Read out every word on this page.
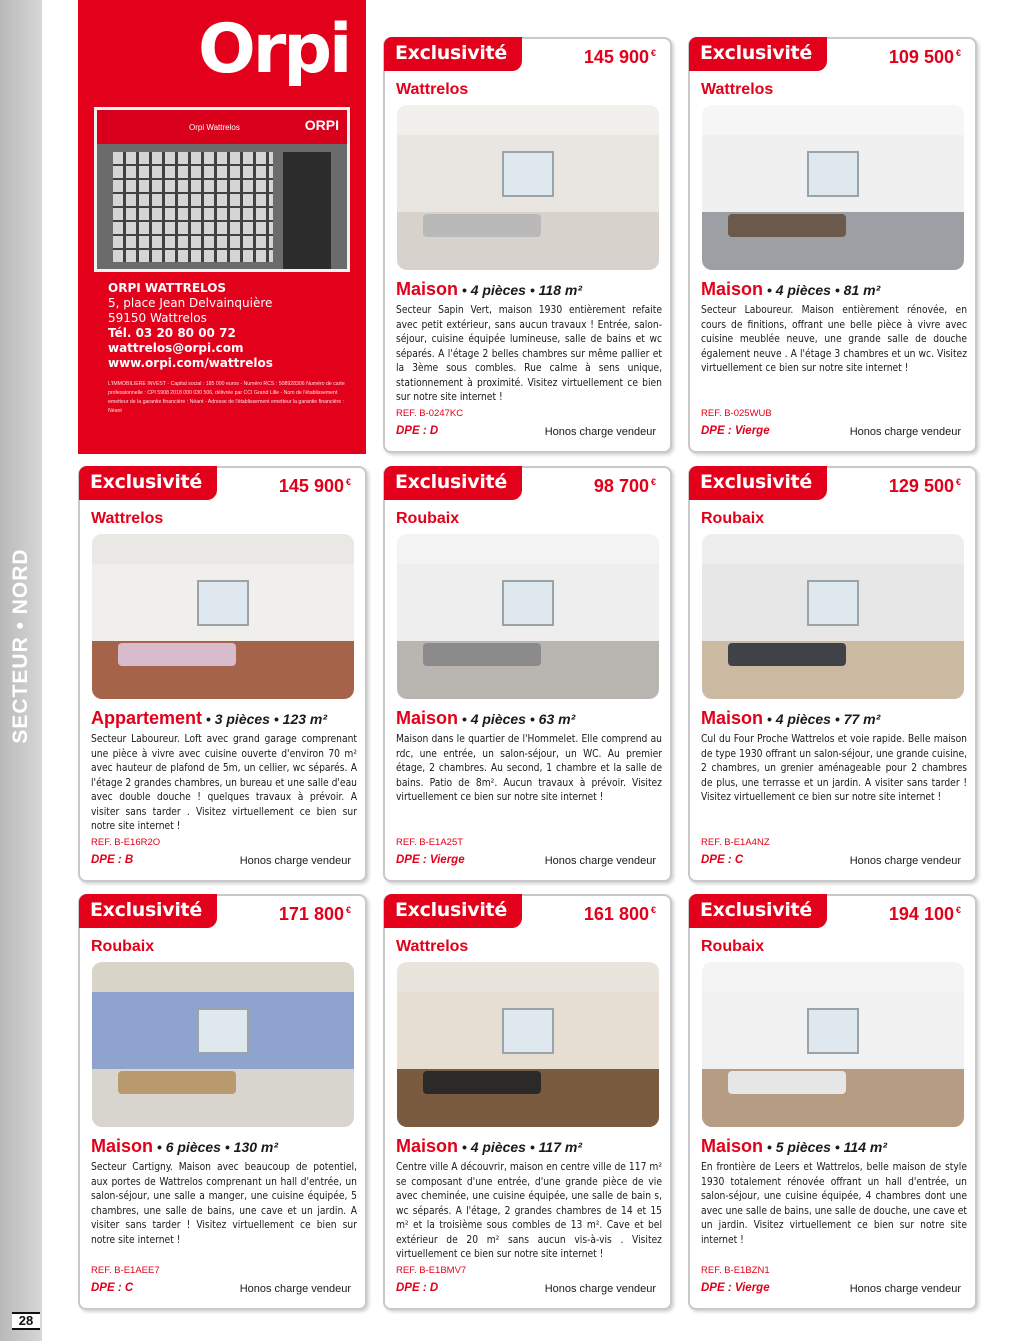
SECTEUR • NORD
28
Orpi
Orpi Wattrelos	ORPI
ORPI WATTRELOS
5, place Jean Delvainquière
59150 Wattrelos
Tél. 03 20 80 00 72
wattrelos@orpi.com
www.orpi.com/wattrelos
L'IMMOBILIERE INVEST - Capital social : 185 000 euros - Numéro RCS : 508928306 Numéro de carte professionnelle : CPI 5908 2018 000 030 506, délivrée par CCI Grand Lille - Nom de l'établissement emetteur de la garantie financière : Néant - Adresse de l'établissement emetteur la garantie financière : Néant
Exclusivité	145 900 €
Wattrelos
Maison • 4 pièces • 118 m²
Secteur Sapin Vert, maison 1930 entièrement refaite avec petit extérieur, sans aucun travaux ! Entrée, salon-séjour, cuisine équipée lumineuse, salle de bains et wc séparés. A l'étage 2 belles chambres sur même pallier et la 3ème sous combles. Rue calme à sens unique, stationnement à proximité. Visitez virtuellement ce bien sur notre site internet !
REF. B-0247KC
DPE : D	Honos charge vendeur
Exclusivité	109 500 €
Wattrelos
Maison • 4 pièces • 81 m²
Secteur Laboureur. Maison entièrement rénovée, en cours de finitions, offrant une belle pièce à vivre avec cuisine meublée neuve, une grande salle de douche également neuve . A l'étage 3 chambres et un wc. Visitez virtuellement ce bien sur notre site internet !
REF. B-025WUB
DPE : Vierge	Honos charge vendeur
Exclusivité	145 900 €
Wattrelos
Appartement • 3 pièces • 123 m²
Secteur Laboureur. Loft avec grand garage comprenant une pièce à vivre avec cuisine ouverte d'environ 70 m² avec hauteur de plafond de 5m, un cellier, wc séparés. A l'étage 2 grandes chambres, un bureau et une salle d'eau avec double douche ! quelques travaux à prévoir. A visiter sans tarder . Visitez virtuellement ce bien sur notre site internet !
REF. B-E16R2O
DPE : B	Honos charge vendeur
Exclusivité	98 700 €
Roubaix
Maison • 4 pièces • 63 m²
Maison dans le quartier de l'Hommelet. Elle comprend au rdc, une entrée, un salon-séjour, un WC. Au premier étage, 2 chambres. Au second, 1 chambre et la salle de bains. Patio de 8m². Aucun travaux à prévoir. Visitez virtuellement ce bien sur notre site internet !
REF. B-E1A25T
DPE : Vierge	Honos charge vendeur
Exclusivité	129 500 €
Roubaix
Maison • 4 pièces • 77 m²
Cul du Four Proche Wattrelos et voie rapide. Belle maison de type 1930 offrant un salon-séjour, une grande cuisine, 2 chambres, un grenier aménageable pour 2 chambres de plus, une terrasse et un jardin. A visiter sans tarder ! Visitez virtuellement ce bien sur notre site internet !
REF. B-E1A4NZ
DPE : C	Honos charge vendeur
Exclusivité	171 800 €
Roubaix
Maison • 6 pièces • 130 m²
Secteur Cartigny. Maison avec beaucoup de potentiel, aux portes de Wattrelos comprenant un hall d'entrée, un salon-séjour, une salle a manger, une cuisine équipée, 5 chambres, une salle de bains, une cave et un jardin. A visiter sans tarder ! Visitez virtuellement ce bien sur notre site internet !
REF. B-E1AEE7
DPE : C	Honos charge vendeur
Exclusivité	161 800 €
Wattrelos
Maison • 4 pièces • 117 m²
Centre ville A découvrir, maison en centre ville de 117 m² se composant d'une entrée, d'une grande pièce de vie avec cheminée, une cuisine équipée, une salle de bain s, wc séparés. A l'étage, 2 grandes chambres de 14 et 15 m² et la troisième sous combles de 13 m². Cave et bel extérieur de 20 m² sans aucun vis-à-vis . Visitez virtuellement ce bien sur notre site internet !
REF. B-E1BMV7
DPE : D	Honos charge vendeur
Exclusivité	194 100 €
Roubaix
Maison • 5 pièces • 114 m²
En frontière de Leers et Wattrelos, belle maison de style 1930 totalement rénovée offrant un hall d'entrée, un salon-séjour, une cuisine équipée, 4 chambres dont une avec une salle de bains, une salle de douche, une cave et un jardin. Visitez virtuellement ce bien sur notre site internet !
REF. B-E1BZN1
DPE : Vierge	Honos charge vendeur
